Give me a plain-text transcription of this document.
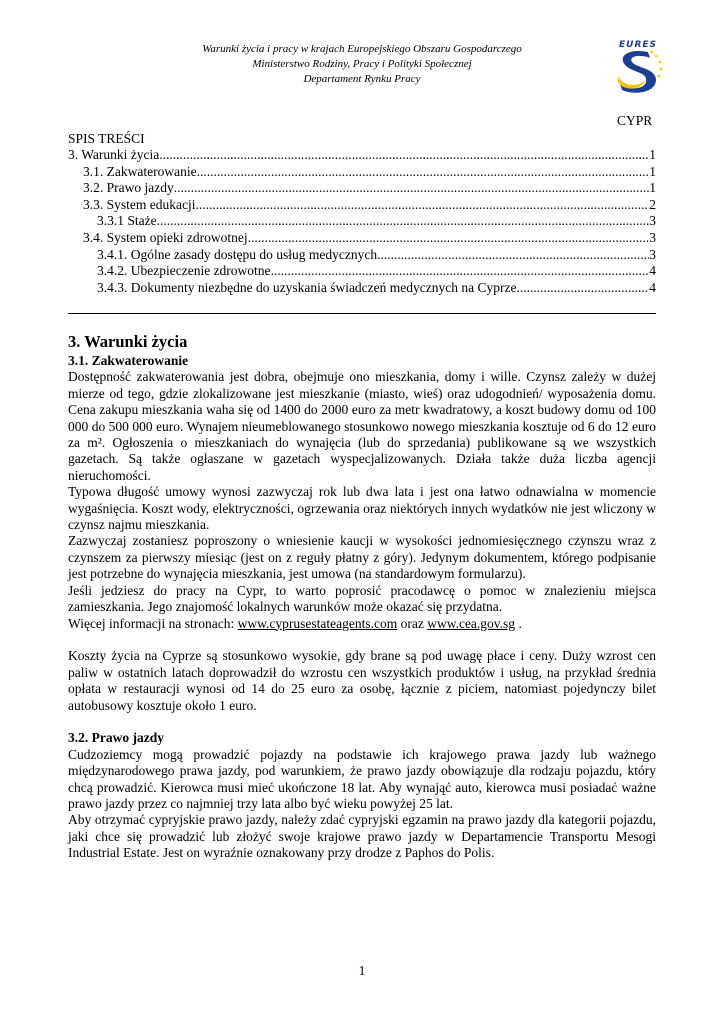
Warunki życia i pracy w krajach Europejskiego Obszaru Gospodarczego
Ministerstwo Rodziny, Pracy i Polityki Społecznej
Departament Rynku Pracy
EURES
CYPR
SPIS TREŚCI
3. Warunki życia .....	1
3.1. Zakwaterowanie .....	1
3.2. Prawo jazdy .....	1
3.3. System edukacji .....	2
3.3.1 Staże .....	3
3.4. System opieki zdrowotnej .....	3
3.4.1. Ogólne zasady dostępu do usług medycznych .....	3
3.4.2. Ubezpieczenie zdrowotne .....	4
3.4.3. Dokumenty niezbędne do uzyskania świadczeń medycznych na Cyprze .....	4
3. Warunki życia
3.1. Zakwaterowanie

Dostępność zakwaterowania jest dobra, obejmuje ono mieszkania, domy i wille. Czynsz zależy w dużej mierze od tego, gdzie zlokalizowane jest mieszkanie (miasto, wieś) oraz udogodnień/ wyposażenia domu. Cena zakupu mieszkania waha się od 1400 do 2000 euro za metr kwadratowy, a koszt budowy domu od 100 000 do 500 000 euro. Wynajem nieumeblowanego stosunkowo nowego mieszkania kosztuje od 6 do 12 euro za m². Ogłoszenia o mieszkaniach do wynajęcia (lub do sprzedania) publikowane są we wszystkich gazetach. Są także ogłaszane w gazetach wyspecjalizowanych. Działa także duża liczba agencji nieruchomości.

Typowa długość umowy wynosi zazwyczaj rok lub dwa lata i jest ona łatwo odnawialna w momencie wygaśnięcia. Koszt wody, elektryczności, ogrzewania oraz niektórych innych wydatków nie jest wliczony w czynsz najmu mieszkania.

Zazwyczaj zostaniesz poproszony o wniesienie kaucji w wysokości jednomiesięcznego czynszu wraz z czynszem za pierwszy miesiąc (jest on z reguły płatny z góry). Jedynym dokumentem, którego podpisanie jest potrzebne do wynajęcia mieszkania, jest umowa (na standardowym formularzu).

Jeśli jedziesz do pracy na Cypr, to warto poprosić pracodawcę o pomoc w znalezieniu miejsca zamieszkania. Jego znajomość lokalnych warunków może okazać się przydatna.

Więcej informacji na stronach: www.cyprusestateagents.com oraz www.cea.gov.sg .

Koszty życia na Cyprze są stosunkowo wysokie, gdy brane są pod uwagę płace i ceny. Duży wzrost cen paliw w ostatnich latach doprowadził do wzrostu cen wszystkich produktów i usług, na przykład średnia opłata w restauracji wynosi od 14 do 25 euro za osobę, łącznie z piciem, natomiast pojedynczy bilet autobusowy kosztuje około 1 euro.

3.2. Prawo jazdy

Cudzoziemcy mogą prowadzić pojazdy na podstawie ich krajowego prawa jazdy lub ważnego międzynarodowego prawa jazdy, pod warunkiem, że prawo jazdy obowiązuje dla rodzaju pojazdu, który chcą prowadzić. Kierowca musi mieć ukończone 18 lat. Aby wynająć auto, kierowca musi posiadać ważne prawo jazdy przez co najmniej trzy lata albo być wieku powyżej 25 lat.

Aby otrzymać cypryjskie prawo jazdy, należy zdać cypryjski egzamin na prawo jazdy dla kategorii pojazdu, jaki chce się prowadzić lub złożyć swoje krajowe prawo jazdy w Departamencie Transportu Mesogi Industrial Estate. Jest on wyraźnie oznakowany przy drodze z Paphos do Polis.

1
